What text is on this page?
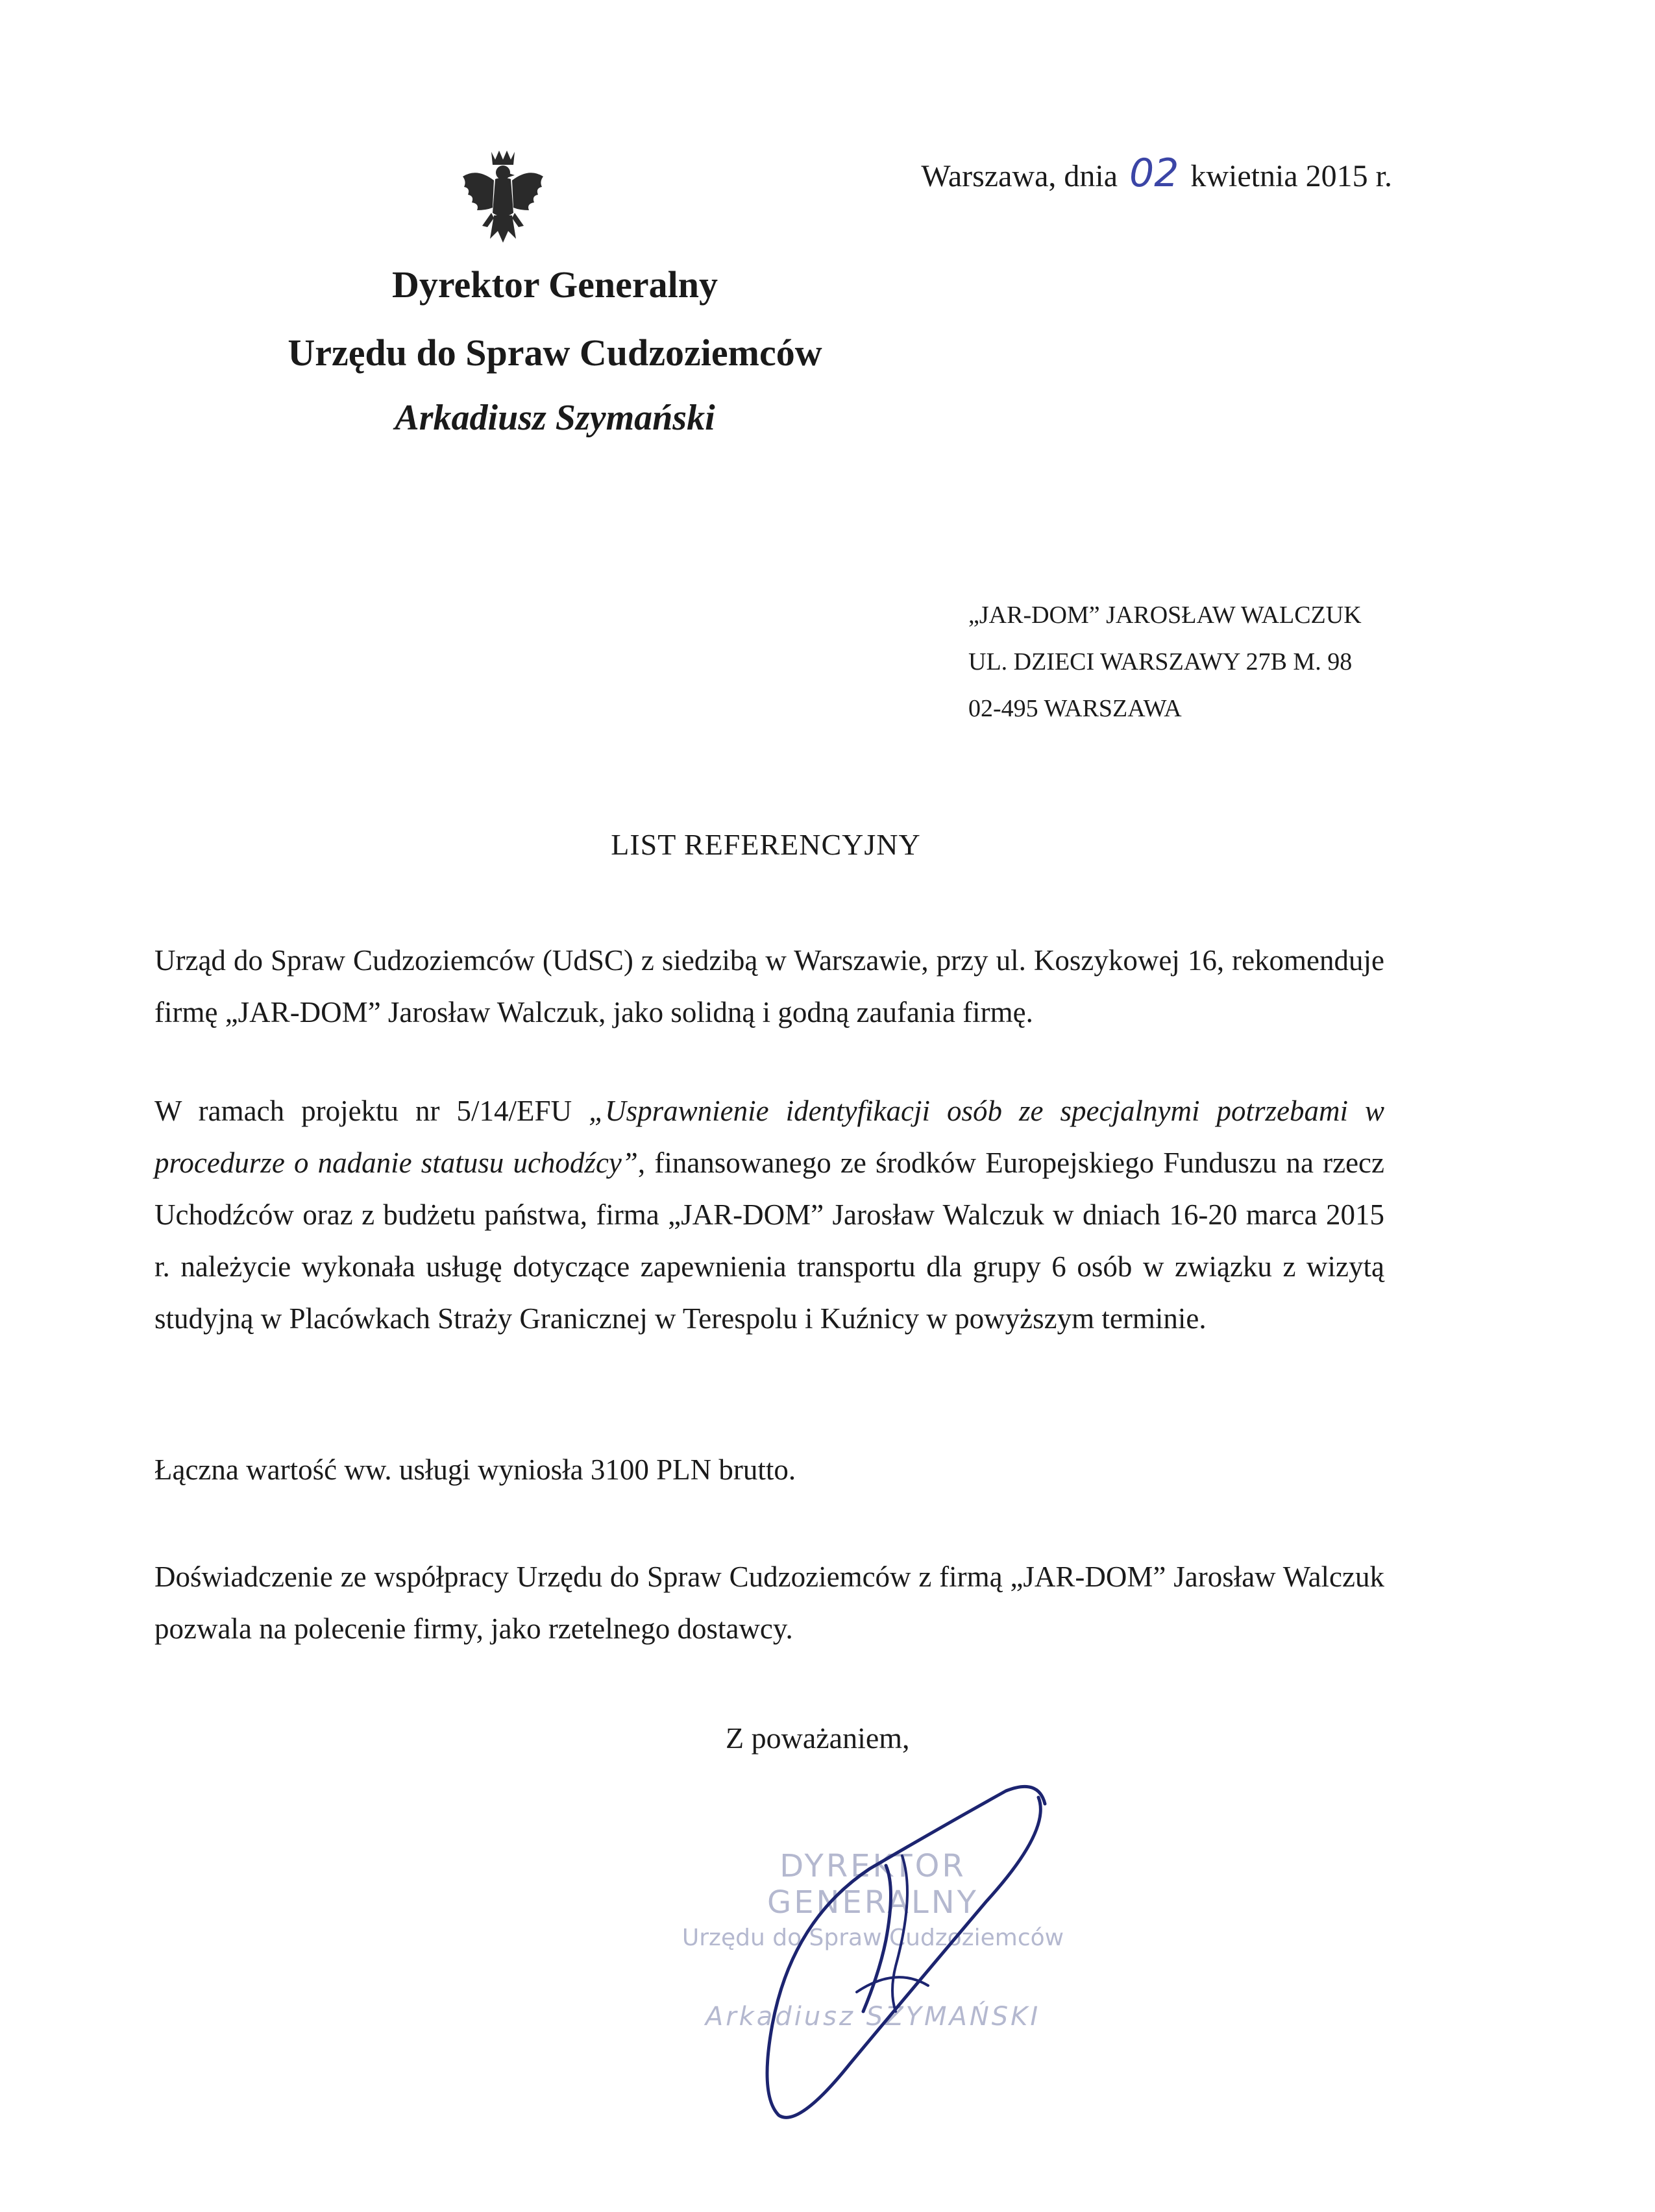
Warszawa, dnia 02 kwietnia 2015 r.
Dyrektor Generalny
Urzędu do Spraw Cudzoziemców
Arkadiusz Szymański
„JAR-DOM” JAROSŁAW WALCZUK
UL. DZIECI WARSZAWY 27B M. 98
02-495 WARSZAWA
LIST REFERENCYJNY

Urząd do Spraw Cudzoziemców (UdSC) z siedzibą w Warszawie, przy ul. Koszykowej 16, rekomenduje firmę „JAR-DOM” Jarosław Walczuk, jako solidną i godną zaufania firmę.

W ramach projektu nr 5/14/EFU „Usprawnienie identyfikacji osób ze specjalnymi potrzebami w procedurze o nadanie statusu uchodźcy”, finansowanego ze środków Europejskiego Funduszu na rzecz Uchodźców oraz z budżetu państwa, firma „JAR-DOM” Jarosław Walczuk w dniach 16-20 marca 2015 r. należycie wykonała usługę dotyczące zapewnienia transportu dla grupy 6 osób w związku z wizytą studyjną w Placówkach Straży Granicznej w Terespolu i Kuźnicy w powyższym terminie.

Łączna wartość ww. usługi wyniosła 3100 PLN brutto.

Doświadczenie ze współpracy Urzędu do Spraw Cudzoziemców z firmą „JAR-DOM” Jarosław Walczuk pozwala na polecenie firmy, jako rzetelnego dostawcy.

Z poważaniem,
DYREKTOR GENERALNY
Urzędu do Spraw Cudzoziemców
Arkadiusz SZYMAŃSKI
